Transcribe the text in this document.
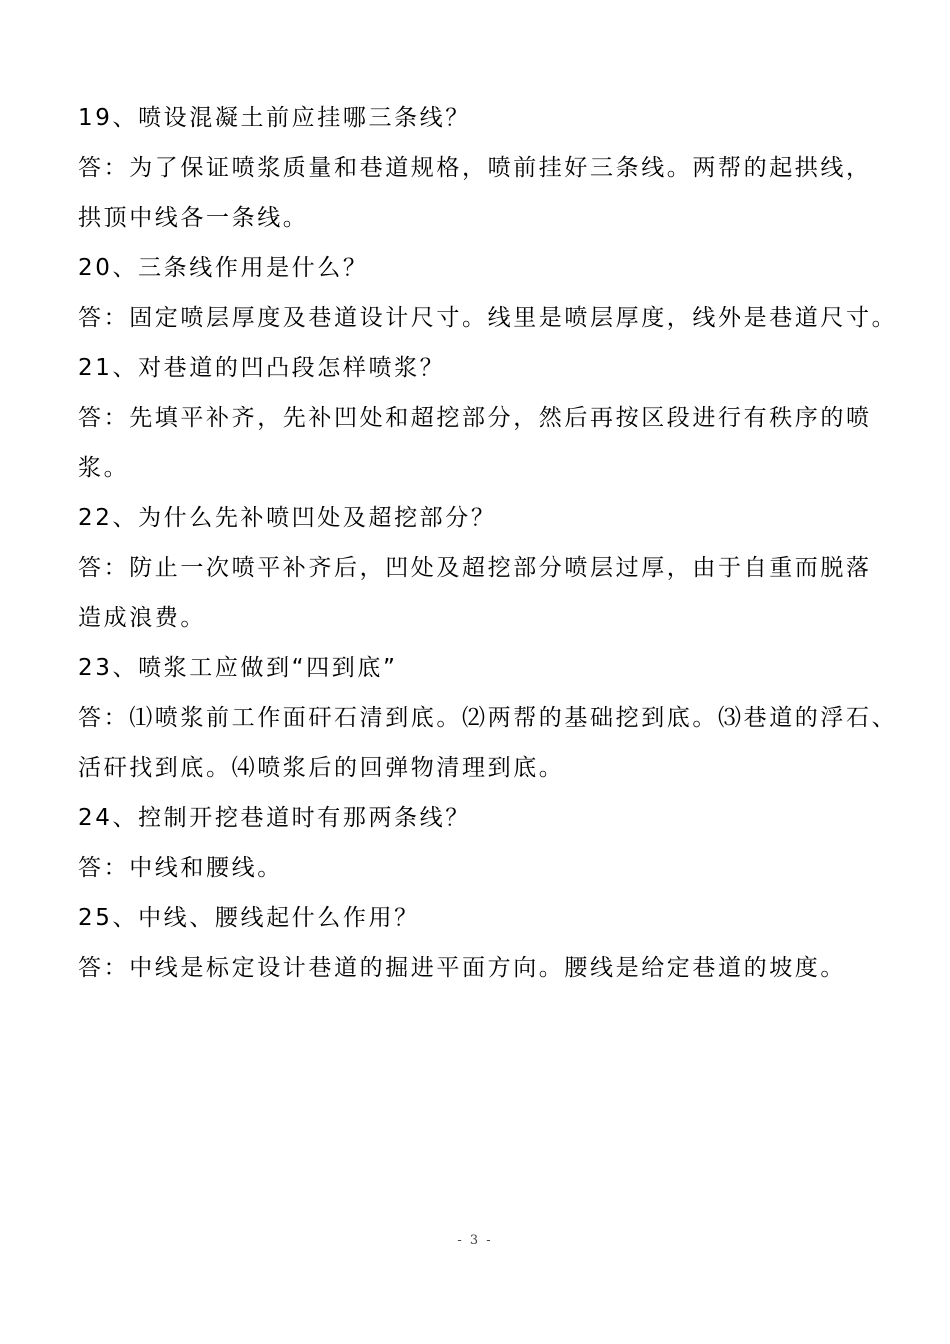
19、喷设混凝土前应挂哪三条线？
答：为了保证喷浆质量和巷道规格，喷前挂好三条线。两帮的起拱线，
拱顶中线各一条线。
20、三条线作用是什么？
答：固定喷层厚度及巷道设计尺寸。线里是喷层厚度，线外是巷道尺寸。
21、对巷道的凹凸段怎样喷浆？
答：先填平补齐，先补凹处和超挖部分，然后再按区段进行有秩序的喷
浆。
22、为什么先补喷凹处及超挖部分？
答：防止一次喷平补齐后，凹处及超挖部分喷层过厚，由于自重而脱落
造成浪费。
23、喷浆工应做到“四到底”
答：⑴喷浆前工作面矸石清到底。⑵两帮的基础挖到底。⑶巷道的浮石、
活矸找到底。⑷喷浆后的回弹物清理到底。
24、控制开挖巷道时有那两条线？
答：中线和腰线。
25、中线、腰线起什么作用？
答：中线是标定设计巷道的掘进平面方向。腰线是给定巷道的坡度。
- 3 -
